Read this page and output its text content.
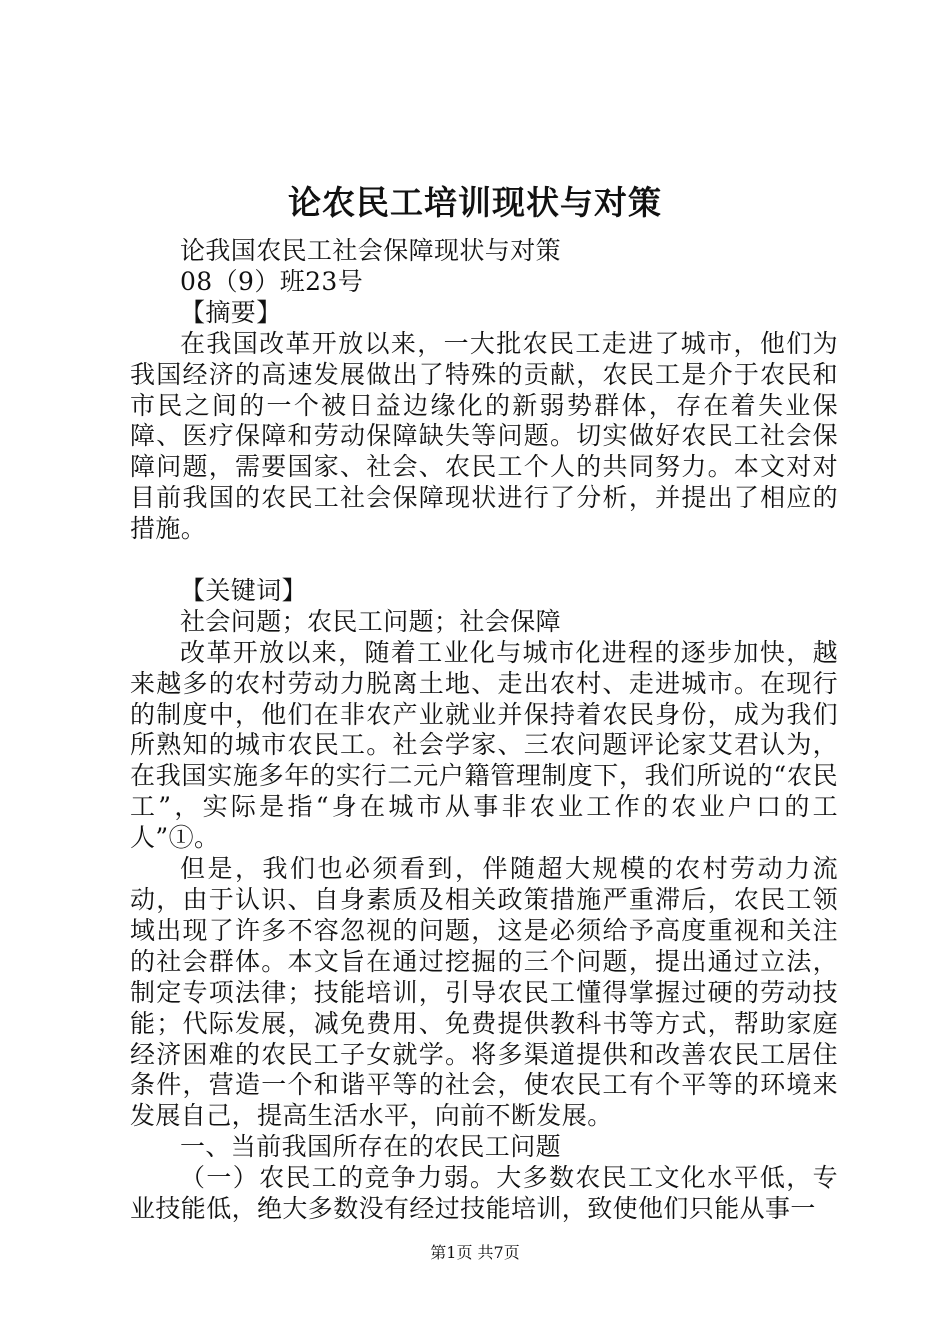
论农民工培训现状与对策

论我国农民工社会保障现状与对策

08（9）班23号

【摘要】

在我国改革开放以来，一大批农民工走进了城市，他们为我国经济的高速发展做出了特殊的贡献，农民工是介于农民和市民之间的一个被日益边缘化的新弱势群体，存在着失业保障、医疗保障和劳动保障缺失等问题。切实做好农民工社会保障问题，需要国家、社会、农民工个人的共同努力。本文对对目前我国的农民工社会保障现状进行了分析，并提出了相应的措施。

【关键词】

社会问题；农民工问题；社会保障

改革开放以来，随着工业化与城市化进程的逐步加快，越来越多的农村劳动力脱离土地、走出农村、走进城市。在现行的制度中，他们在非农产业就业并保持着农民身份，成为我们所熟知的城市农民工。社会学家、三农问题评论家艾君认为，在我国实施多年的实行二元户籍管理制度下，我们所说的“农民工”，实际是指“身在城市从事非农业工作的农业户口的工人”①。

但是，我们也必须看到，伴随超大规模的农村劳动力流动，由于认识、自身素质及相关政策措施严重滞后，农民工领域出现了许多不容忽视的问题，这是必须给予高度重视和关注的社会群体。本文旨在通过挖掘的三个问题，提出通过立法，制定专项法律；技能培训，引导农民工懂得掌握过硬的劳动技能；代际发展，减免费用、免费提供教科书等方式，帮助家庭经济困难的农民工子女就学。将多渠道提供和改善农民工居住条件，营造一个和谐平等的社会，使农民工有个平等的环境来发展自己，提高生活水平，向前不断发展。

一、当前我国所存在的农民工问题

（一）农民工的竞争力弱。大多数农民工文化水平低，专业技能低，绝大多数没有经过技能培训，致使他们只能从事一

第1页 共7页
